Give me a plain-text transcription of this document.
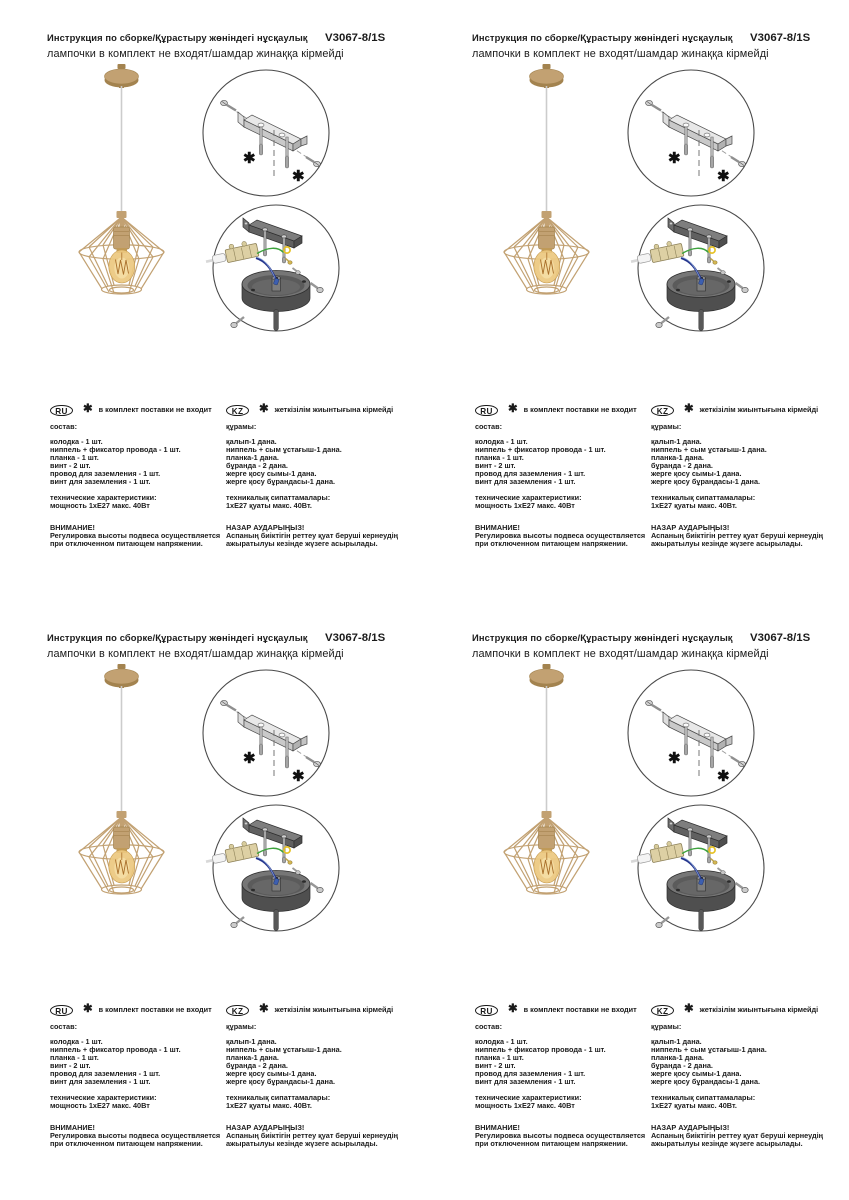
✱
✱
Инструкция по сборке/Құрастыру жөніндегі нұсқаулық V3067-8/1S
лампочки в комплект не входят/шамдар жинаққа кірмейді
RU	✱ в комплект поставки не входит
состав:
колодка - 1 шт.
ниппель + фиксатор провода - 1 шт.
планка - 1 шт.
винт - 2 шт.
провод для заземления - 1 шт.
винт для заземления - 1 шт.
технические характеристики:
мощность 1хЕ27 макс. 40Вт
ВНИМАНИЕ!
Регулировка высоты подвеса осуществляется
при отключенном питающем напряжении.
KZ	✱ жеткізілім жиынтығына кірмейді
құрамы:
қалып-1 дана.
ниппель + сым ұстағыш-1 дана.
планка-1 дана.
бұранда - 2 дана.
жерге қосу сымы-1 дана.
жерге қосу бұрандасы-1 дана.
техникалық сипаттамалары:
1хЕ27 қуаты макс. 40Вт.
НАЗАР АУДАРЫҢЫЗ!
Аспаның биіктігін реттеу қуат беруші кернеудің
ажыратылуы кезінде жүзеге асырылады.
✱
✱
Инструкция по сборке/Құрастыру жөніндегі нұсқаулық V3067-8/1S
лампочки в комплект не входят/шамдар жинаққа кірмейді
RU	✱ в комплект поставки не входит
состав:
колодка - 1 шт.
ниппель + фиксатор провода - 1 шт.
планка - 1 шт.
винт - 2 шт.
провод для заземления - 1 шт.
винт для заземления - 1 шт.
технические характеристики:
мощность 1хЕ27 макс. 40Вт
ВНИМАНИЕ!
Регулировка высоты подвеса осуществляется
при отключенном питающем напряжении.
KZ	✱ жеткізілім жиынтығына кірмейді
құрамы:
қалып-1 дана.
ниппель + сым ұстағыш-1 дана.
планка-1 дана.
бұранда - 2 дана.
жерге қосу сымы-1 дана.
жерге қосу бұрандасы-1 дана.
техникалық сипаттамалары:
1хЕ27 қуаты макс. 40Вт.
НАЗАР АУДАРЫҢЫЗ!
Аспаның биіктігін реттеу қуат беруші кернеудің
ажыратылуы кезінде жүзеге асырылады.
✱
✱
Инструкция по сборке/Құрастыру жөніндегі нұсқаулық V3067-8/1S
лампочки в комплект не входят/шамдар жинаққа кірмейді
RU	✱ в комплект поставки не входит
состав:
колодка - 1 шт.
ниппель + фиксатор провода - 1 шт.
планка - 1 шт.
винт - 2 шт.
провод для заземления - 1 шт.
винт для заземления - 1 шт.
технические характеристики:
мощность 1хЕ27 макс. 40Вт
ВНИМАНИЕ!
Регулировка высоты подвеса осуществляется
при отключенном питающем напряжении.
KZ	✱ жеткізілім жиынтығына кірмейді
құрамы:
қалып-1 дана.
ниппель + сым ұстағыш-1 дана.
планка-1 дана.
бұранда - 2 дана.
жерге қосу сымы-1 дана.
жерге қосу бұрандасы-1 дана.
техникалық сипаттамалары:
1хЕ27 қуаты макс. 40Вт.
НАЗАР АУДАРЫҢЫЗ!
Аспаның биіктігін реттеу қуат беруші кернеудің
ажыратылуы кезінде жүзеге асырылады.
✱
✱
Инструкция по сборке/Құрастыру жөніндегі нұсқаулық V3067-8/1S
лампочки в комплект не входят/шамдар жинаққа кірмейді
RU	✱ в комплект поставки не входит
состав:
колодка - 1 шт.
ниппель + фиксатор провода - 1 шт.
планка - 1 шт.
винт - 2 шт.
провод для заземления - 1 шт.
винт для заземления - 1 шт.
технические характеристики:
мощность 1хЕ27 макс. 40Вт
ВНИМАНИЕ!
Регулировка высоты подвеса осуществляется
при отключенном питающем напряжении.
KZ	✱ жеткізілім жиынтығына кірмейді
құрамы:
қалып-1 дана.
ниппель + сым ұстағыш-1 дана.
планка-1 дана.
бұранда - 2 дана.
жерге қосу сымы-1 дана.
жерге қосу бұрандасы-1 дана.
техникалық сипаттамалары:
1хЕ27 қуаты макс. 40Вт.
НАЗАР АУДАРЫҢЫЗ!
Аспаның биіктігін реттеу қуат беруші кернеудің
ажыратылуы кезінде жүзеге асырылады.
